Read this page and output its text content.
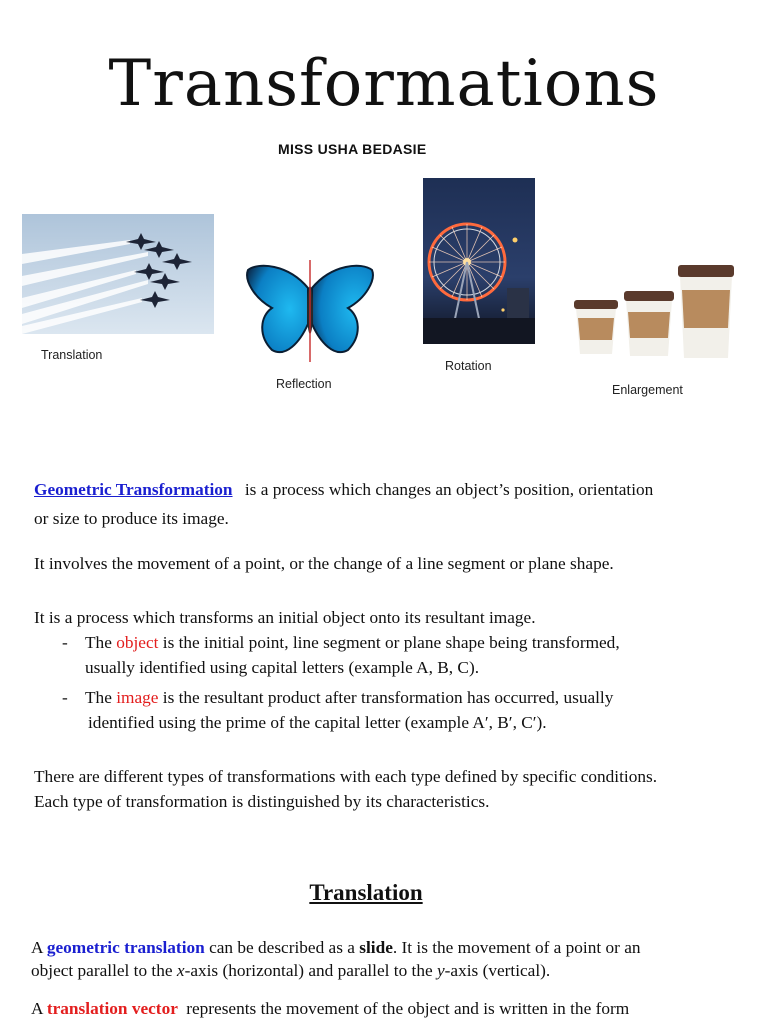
Transformations
MISS USHA BEDASIE
Translation
Reflection
Rotation
Enlargement
Geometric Transformation is a process which changes an object’s position, orientation
or size to produce its image.
It involves the movement of a point, or the change of a line segment or plane shape.
It is a process which transforms an initial object onto its resultant image.
- The object is the initial point, line segment or plane shape being transformed,
usually identified using capital letters (example A, B, C).
- The image is the resultant product after transformation has occurred, usually
identified using the prime of the capital letter (example A′, B′, C′).
There are different types of transformations with each type defined by specific conditions.
Each type of transformation is distinguished by its characteristics.
Translation
A geometric translation can be described as a slide. It is the movement of a point or an
object parallel to the x-axis (horizontal) and parallel to the y-axis (vertical).
A translation vector represents the movement of the object and is written in the form
